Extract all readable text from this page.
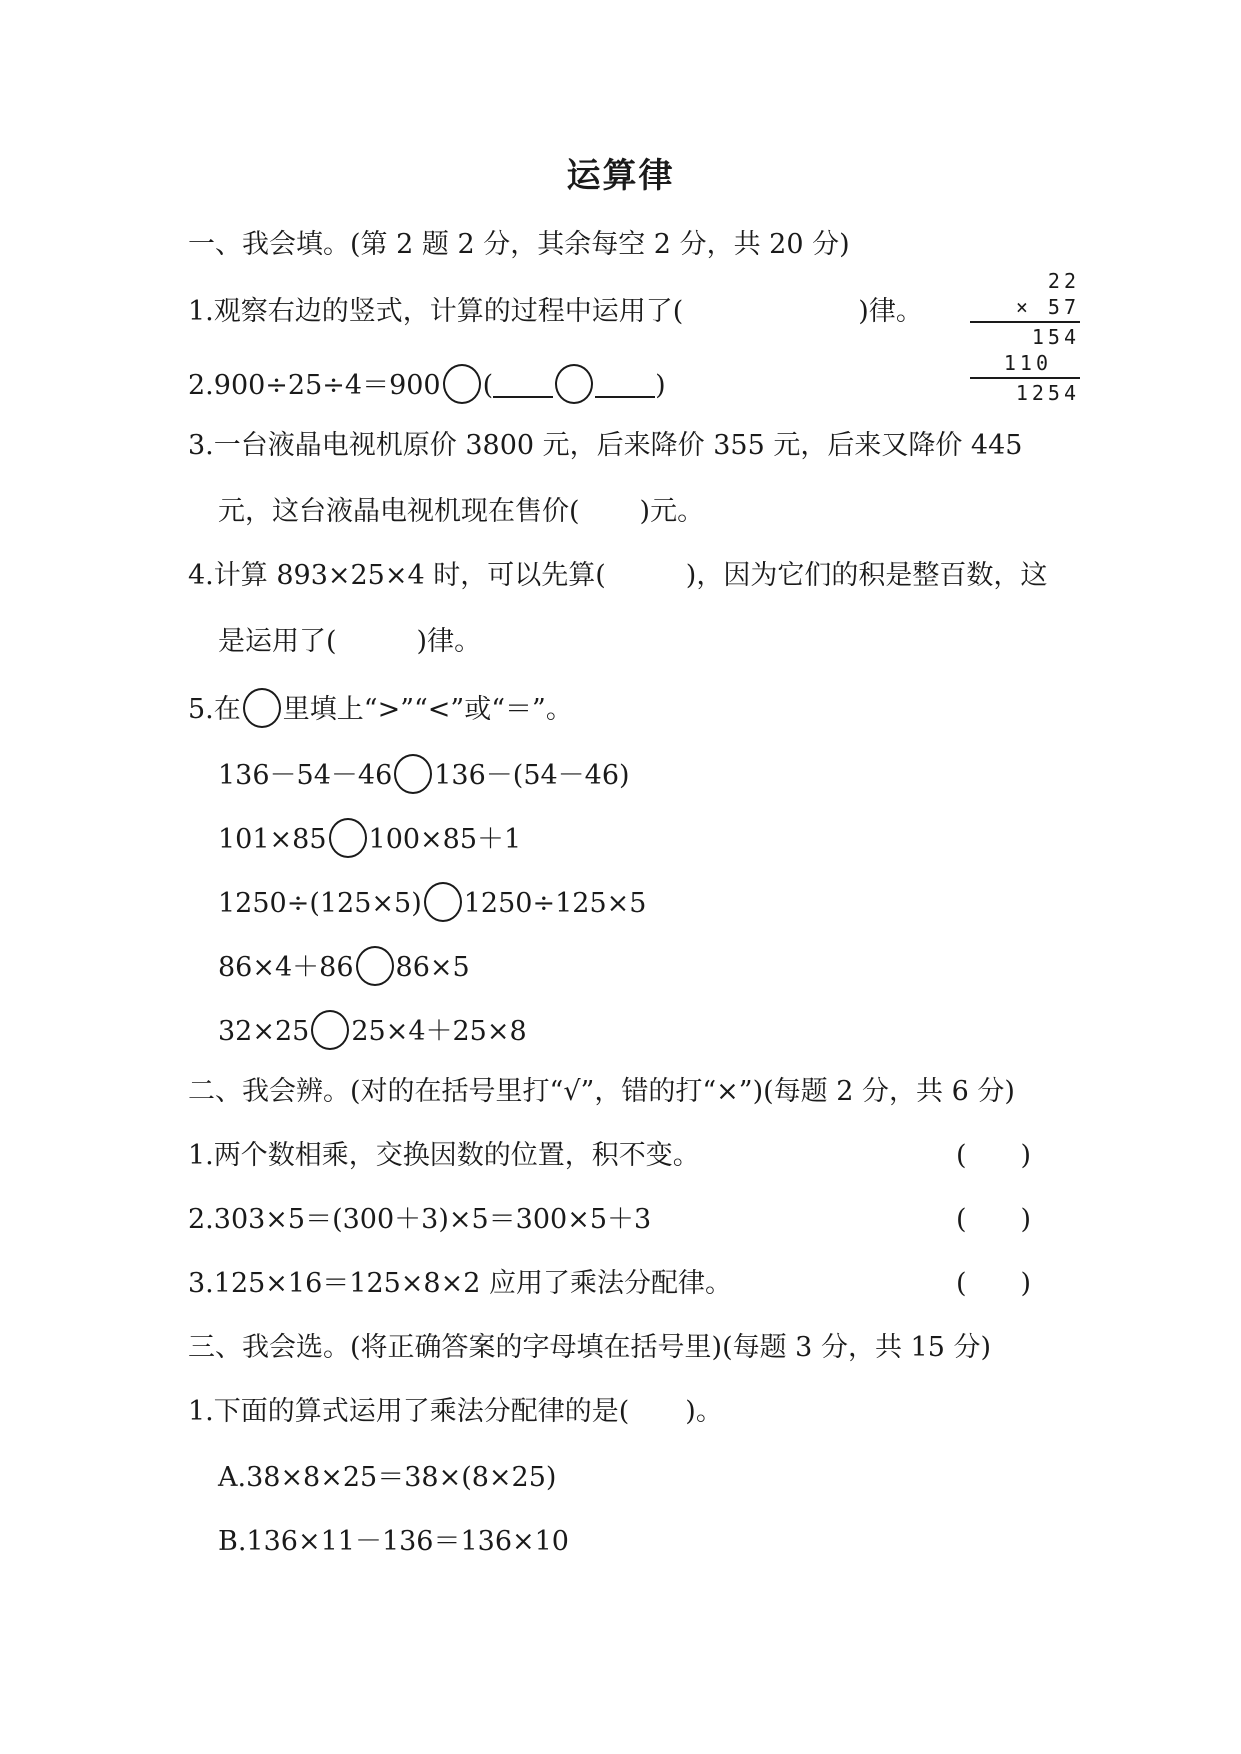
运算律
一、我会填。(第 2 题 2 分，其余每空 2 分，共 20 分)
1.观察右边的竖式，计算的过程中运用了(	)律。
22
× 57
154
110
1254
2.900÷25÷4＝900 (	)
3.一台液晶电视机原价 3800 元，后来降价 355 元，后来又降价 445
元，这台液晶电视机现在售价( )元。
4.计算 893×25×4 时，可以先算(	)，因为它们的积是整百数，这
是运用了(	)律。
5.在 里填上“>”“<”或“＝”。
136－54－46 136－(54－46)
101×85 100×85＋1
1250÷(125×5) 1250÷125×5
86×4＋86 86×5
32×25 25×4＋25×8
二、我会辨。(对的在括号里打“√”，错的打“×”)(每题 2 分，共 6 分)
1.两个数相乘，交换因数的位置，积不变。	(　　)
2.303×5＝(300＋3)×5＝300×5＋3	(　　)
3.125×16＝125×8×2 应用了乘法分配律。	(　　)
三、我会选。(将正确答案的字母填在括号里)(每题 3 分，共 15 分)
1.下面的算式运用了乘法分配律的是( )。
A.38×8×25＝38×(8×25)
B.136×11－136＝136×10
